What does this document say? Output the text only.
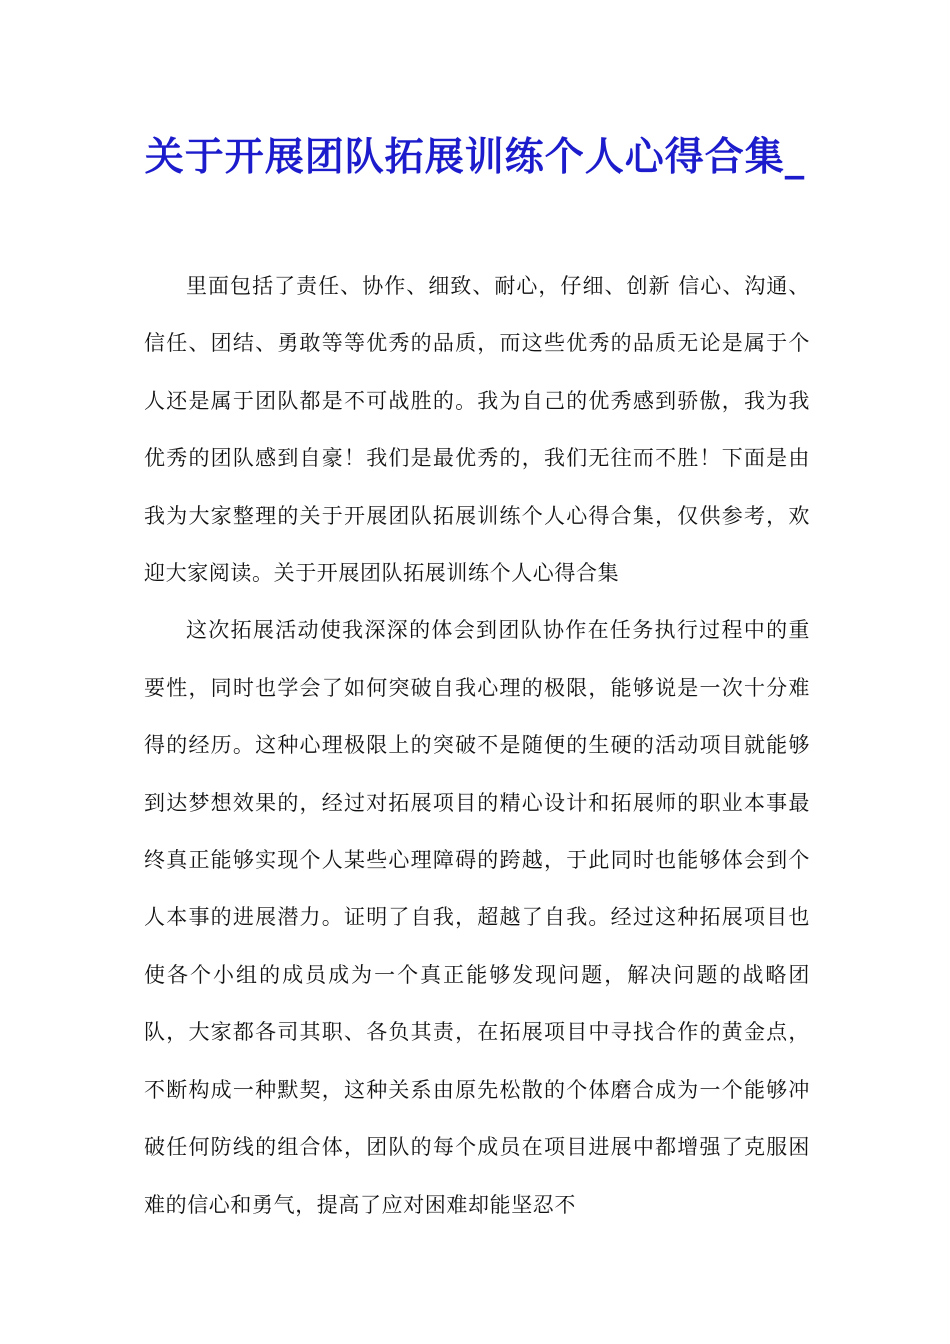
关于开展团队拓展训练个人心得合集_

里面包括了责任、协作、细致、耐心，仔细、创新 信心、沟通、信任、团结、勇敢等等优秀的品质，而这些优秀的品质无论是属于个人还是属于团队都是不可战胜的。我为自己的优秀感到骄傲，我为我优秀的团队感到自豪！我们是最优秀的，我们无往而不胜！下面是由我为大家整理的关于开展团队拓展训练个人心得合集，仅供参考，欢迎大家阅读。关于开展团队拓展训练个人心得合集

这次拓展活动使我深深的体会到团队协作在任务执行过程中的重要性，同时也学会了如何突破自我心理的极限，能够说是一次十分难得的经历。这种心理极限上的突破不是随便的生硬的活动项目就能够到达梦想效果的，经过对拓展项目的精心设计和拓展师的职业本事最终真正能够实现个人某些心理障碍的跨越，于此同时也能够体会到个人本事的进展潜力。证明了自我，超越了自我。经过这种拓展项目也使各个小组的成员成为一个真正能够发现问题，解决问题的战略团队，大家都各司其职、各负其责，在拓展项目中寻找合作的黄金点，不断构成一种默契，这种关系由原先松散的个体磨合成为一个能够冲破任何防线的组合体，团队的每个成员在项目进展中都增强了克服困难的信心和勇气，提高了应对困难却能坚忍不
